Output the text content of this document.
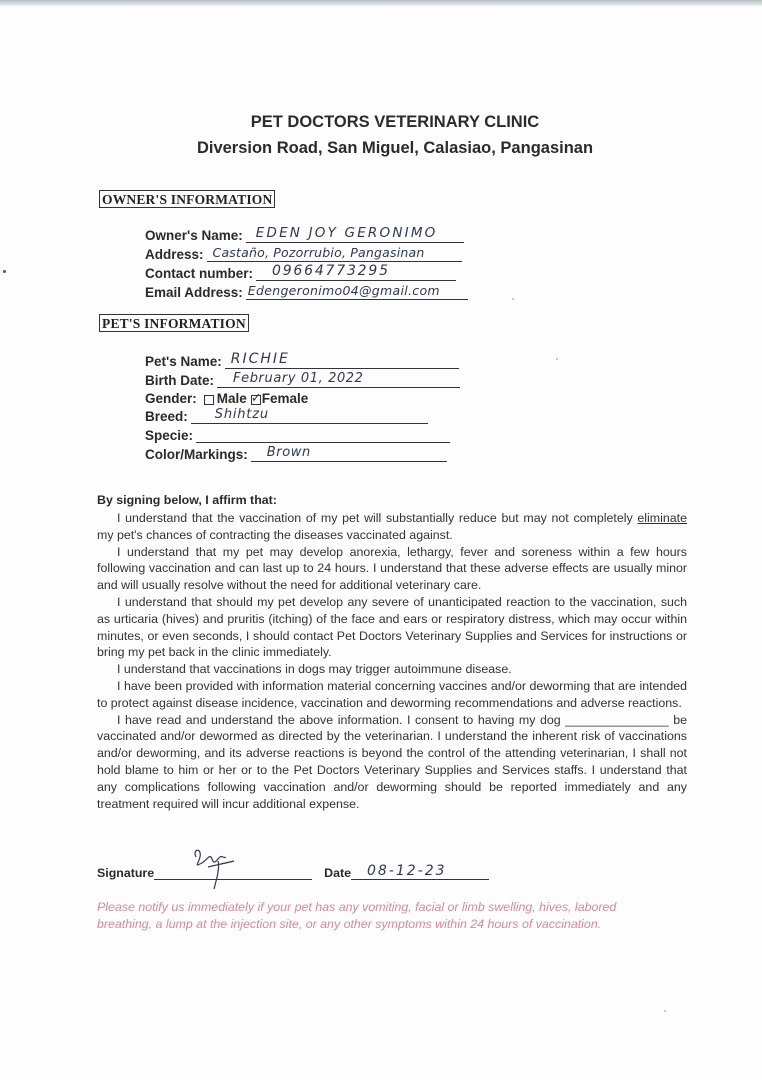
PET DOCTORS VETERINARY CLINIC
Diversion Road, San Miguel, Calasiao, Pangasinan
OWNER'S INFORMATION
Owner's Name: EDEN JOY GERONIMO
Address: Castaño, Pozorrubio, Pangasinan
Contact number: 09664773295
Email Address: Edengeronimo04@gmail.com
PET'S INFORMATION
Pet's Name: RICHIE
Birth Date: February 01, 2022
Gender: Male ✓ Female
Breed: Shihtzu
Specie:
Color/Markings: Brown
By signing below, I affirm that:

I understand that the vaccination of my pet will substantially reduce but may not completely eliminate my pet's chances of contracting the diseases vaccinated against.

I understand that my pet may develop anorexia, lethargy, fever and soreness within a few hours following vaccination and can last up to 24 hours. I understand that these adverse effects are usually minor and will usually resolve without the need for additional veterinary care.

I understand that should my pet develop any severe of unanticipated reaction to the vaccination, such as urticaria (hives) and pruritis (itching) of the face and ears or respiratory distress, which may occur within minutes, or even seconds, I should contact Pet Doctors Veterinary Supplies and Services for instructions or bring my pet back in the clinic immediately.

I understand that vaccinations in dogs may trigger autoimmune disease.

I have been provided with information material concerning vaccines and/or deworming that are intended to protect against disease incidence, vaccination and deworming recommendations and adverse reactions.

I have read and understand the above information. I consent to having my dog _______________ be vaccinated and/or dewormed as directed by the veterinarian. I understand the inherent risk of vaccinations and/or deworming, and its adverse reactions is beyond the control of the attending veterinarian, I shall not hold blame to him or her or to the Pet Doctors Veterinary Supplies and Services staffs. I understand that any complications following vaccination and/or deworming should be reported immediately and any treatment required will incur additional expense.

Signature	Date 08-12-23
Please notify us immediately if your pet has any vomiting, facial or limb swelling, hives, labored breathing, a lump at the injection site, or any other symptoms within 24 hours of vaccination.
